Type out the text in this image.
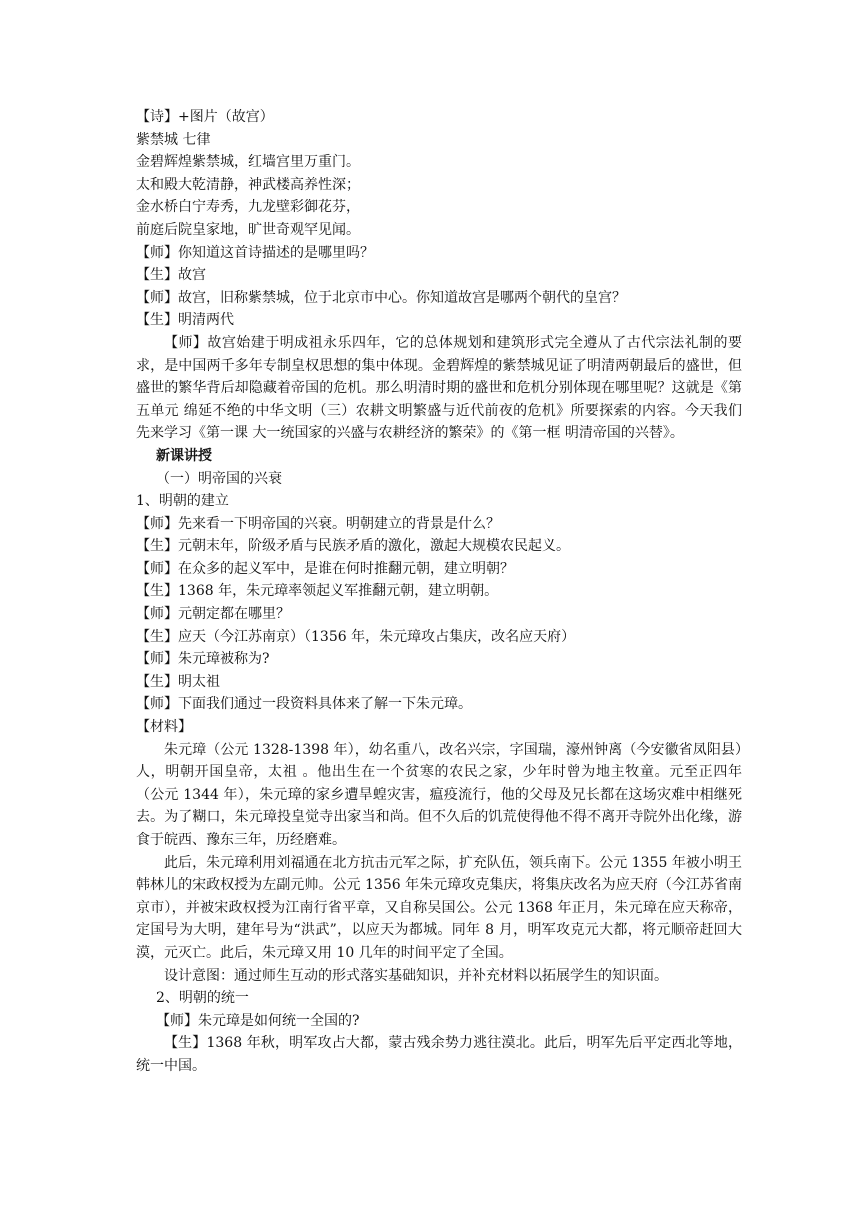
【诗】+图片（故宫）
紫禁城 七律
金碧辉煌紫禁城，红墙宫里万重门。
太和殿大乾清静，神武楼高养性深；
金水桥白宁寿秀，九龙壁彩御花芬，
前庭后院皇家地，旷世奇观罕见闻。
【师】你知道这首诗描述的是哪里吗？
【生】故宫
【师】故宫，旧称紫禁城，位于北京市中心。你知道故宫是哪两个朝代的皇宫？
【生】明清两代

【师】故宫始建于明成祖永乐四年，它的总体规划和建筑形式完全遵从了古代宗法礼制的要求，是中国两千多年专制皇权思想的集中体现。金碧辉煌的紫禁城见证了明清两朝最后的盛世，但盛世的繁华背后却隐藏着帝国的危机。那么明清时期的盛世和危机分别体现在哪里呢？这就是《第五单元 绵延不绝的中华文明（三）农耕文明繁盛与近代前夜的危机》所要探索的内容。今天我们先来学习《第一课 大一统国家的兴盛与农耕经济的繁荣》的《第一框 明清帝国的兴替》。

新课讲授
（一）明帝国的兴衰
1、明朝的建立
【师】先来看一下明帝国的兴衰。明朝建立的背景是什么？
【生】元朝末年，阶级矛盾与民族矛盾的激化，激起大规模农民起义。
【师】在众多的起义军中，是谁在何时推翻元朝，建立明朝？
【生】1368 年，朱元璋率领起义军推翻元朝，建立明朝。
【师】元朝定都在哪里？
【生】应天（今江苏南京）（1356 年，朱元璋攻占集庆，改名应天府）
【师】朱元璋被称为?
【生】明太祖
【师】下面我们通过一段资料具体来了解一下朱元璋。
【材料】

朱元璋（公元 1328-1398 年），幼名重八，改名兴宗，字国瑞，濠州钟离（今安徽省凤阳县）人，明朝开国皇帝，太祖 。他出生在一个贫寒的农民之家，少年时曾为地主牧童。元至正四年（公元 1344 年），朱元璋的家乡遭旱蝗灾害，瘟疫流行，他的父母及兄长都在这场灾难中相继死去。为了糊口，朱元璋投皇觉寺出家当和尚。但不久后的饥荒使得他不得不离开寺院外出化缘，游食于皖西、豫东三年，历经磨难。

此后，朱元璋利用刘福通在北方抗击元军之际，扩充队伍，领兵南下。公元 1355 年被小明王韩林儿的宋政权授为左副元帅。公元 1356 年朱元璋攻克集庆，将集庆改名为应天府（今江苏省南京市），并被宋政权授为江南行省平章，又自称吴国公。公元 1368 年正月，朱元璋在应天称帝，定国号为大明，建年号为“洪武”，以应天为都城。同年 8 月，明军攻克元大都，将元顺帝赶回大漠，元灭亡。此后，朱元璋又用 10 几年的时间平定了全国。

设计意图：通过师生互动的形式落实基础知识，并补充材料以拓展学生的知识面。

2、明朝的统一
【师】朱元璋是如何统一全国的?

【生】1368 年秋，明军攻占大都，蒙古残余势力逃往漠北。此后，明军先后平定西北等地，统一中国。
